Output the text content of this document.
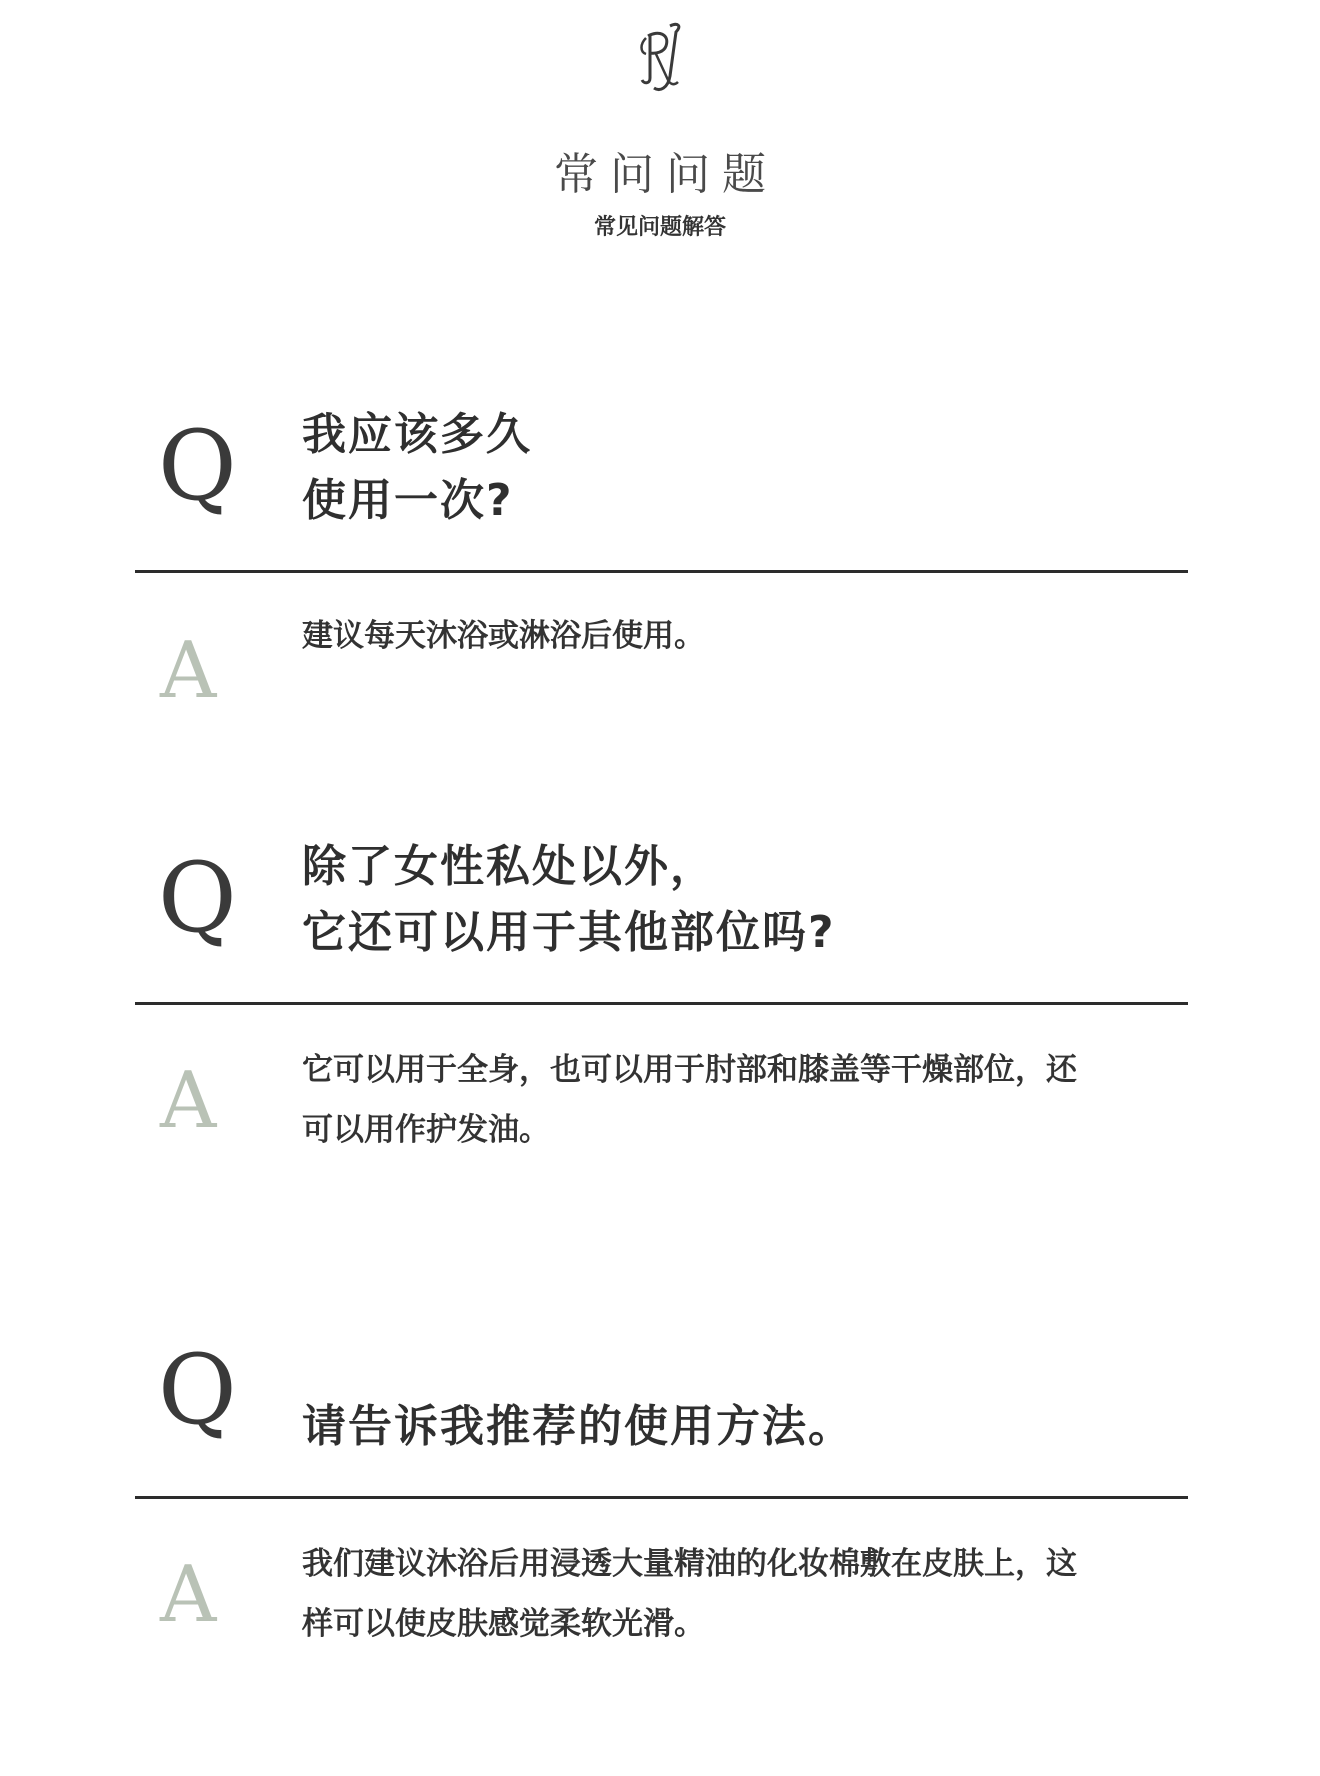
常问问题
常见问题解答
Q 我应该多久
使用一次?
A	建议每天沐浴或淋浴后使用。
Q 除了女性私处以外，
它还可以用于其他部位吗?
A	它可以用于全身，也可以用于肘部和膝盖等干燥部位，还
可以用作护发油。
Q 请告诉我推荐的使用方法。
A	我们建议沐浴后用浸透大量精油的化妆棉敷在皮肤上，这
样可以使皮肤感觉柔软光滑。
